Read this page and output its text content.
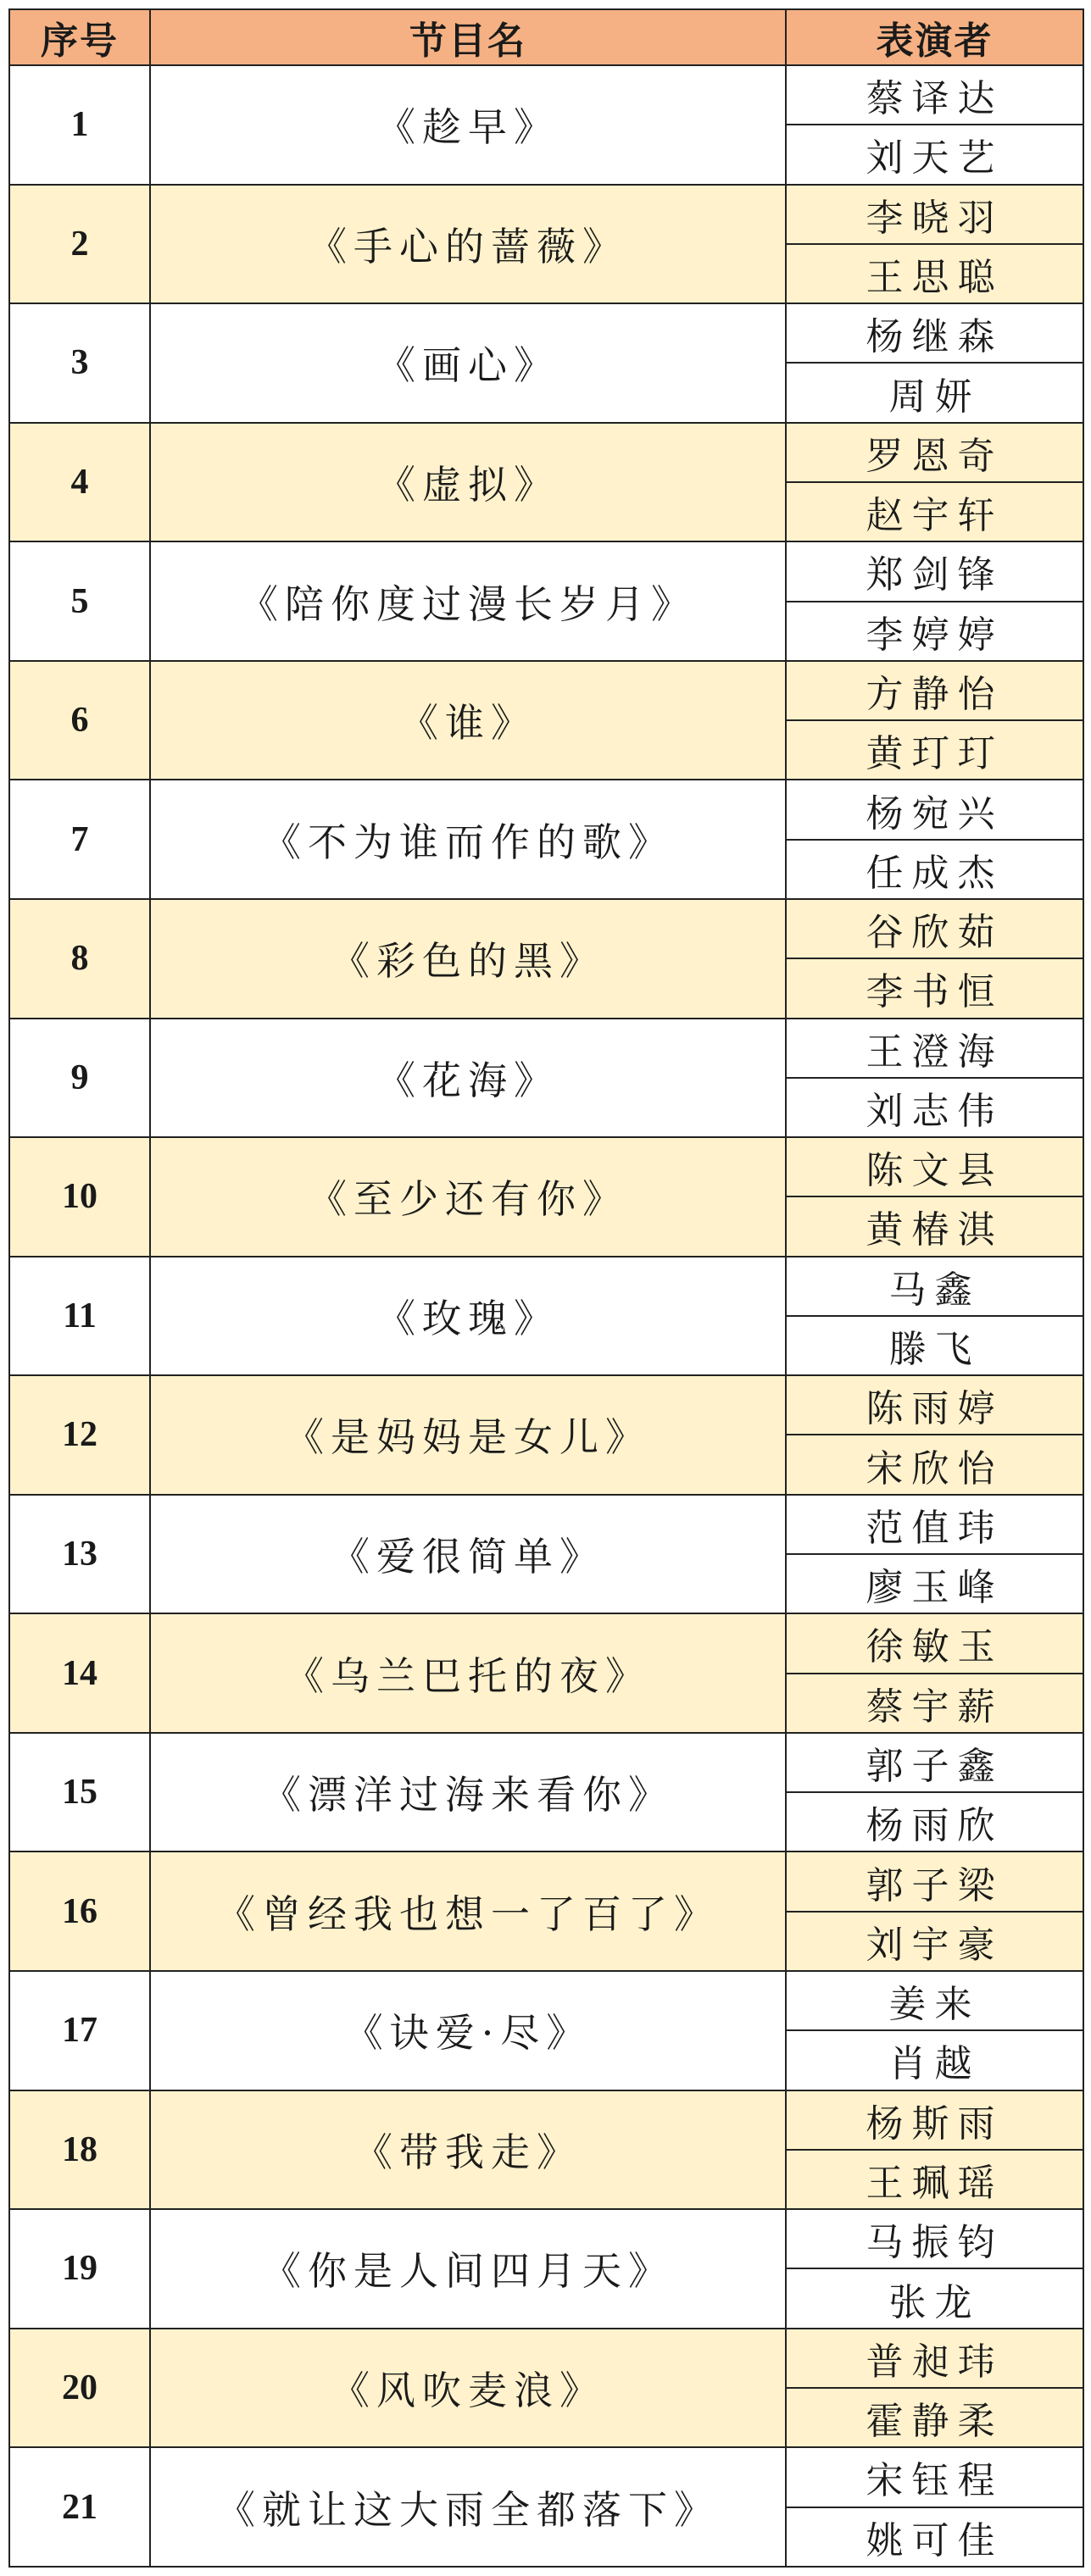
序号	节目名	表演者
1	《趁早》	蔡译达
		刘天艺
2	《手心的蔷薇》	李晓羽
		王思聪
3	《画心》	杨继森
		周妍
4	《虚拟》	罗恩奇
		赵宇轩
5	《陪你度过漫长岁月》	郑剑锋
		李婷婷
6	《谁》	方静怡
		黄玎玎
7	《不为谁而作的歌》	杨宛兴
		任成杰
8	《彩色的黑》	谷欣茹
		李书恒
9	《花海》	王澄海
		刘志伟
10	《至少还有你》	陈文县
		黄椿淇
11	《玫瑰》	马鑫
		滕飞
12	《是妈妈是女儿》	陈雨婷
		宋欣怡
13	《爱很简单》	范值玮
		廖玉峰
14	《乌兰巴托的夜》	徐敏玉
		蔡宇薪
15	《漂洋过海来看你》	郭子鑫
		杨雨欣
16	《曾经我也想一了百了》	郭子梁
		刘宇豪
17	《诀爱·尽》	姜来
		肖越
18	《带我走》	杨斯雨
		王珮瑶
19	《你是人间四月天》	马振钧
		张龙
20	《风吹麦浪》	普昶玮
		霍静柔
21	《就让这大雨全都落下》	宋钰程
		姚可佳
